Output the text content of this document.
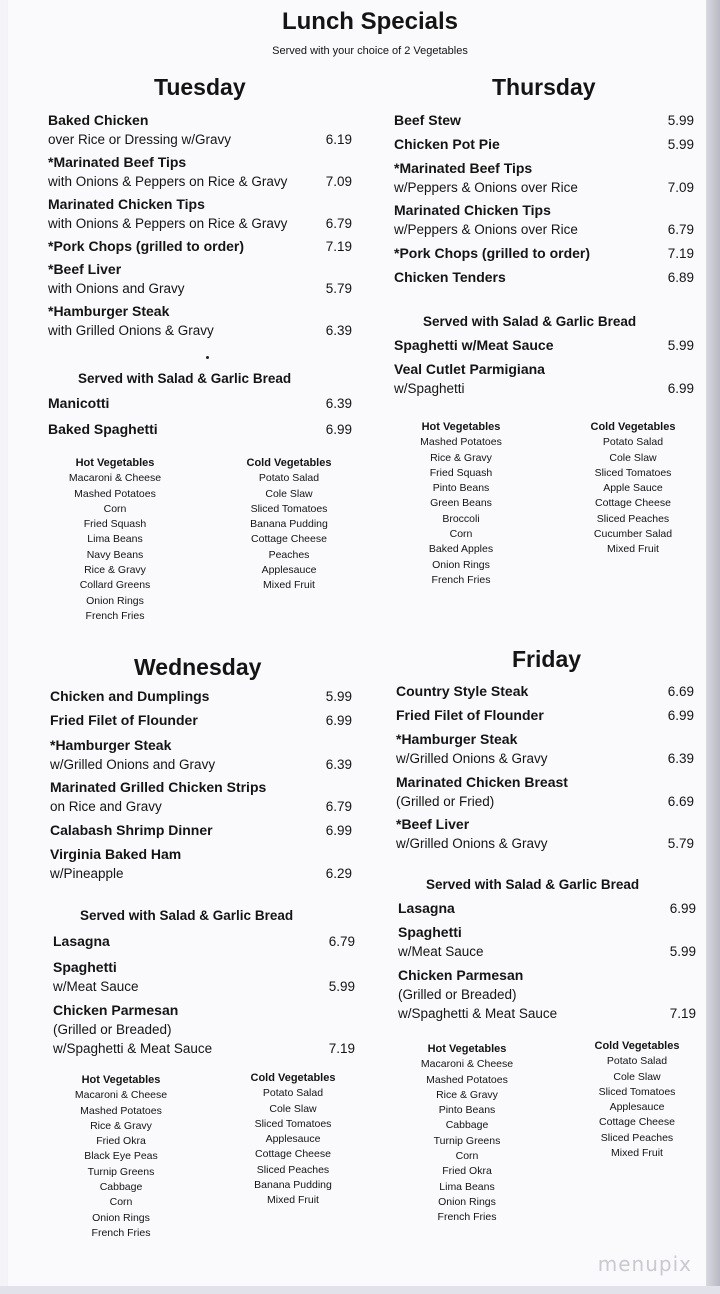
Lunch Specials
Served with your choice of 2 Vegetables
Tuesday
Baked Chicken
over Rice or Dressing w/Gravy	6.19
*Marinated Beef Tips
with Onions & Peppers on Rice & Gravy	7.09
Marinated Chicken Tips
with Onions & Peppers on Rice & Gravy	6.79
*Pork Chops (grilled to order)	7.19
*Beef Liver
with Onions and Gravy	5.79
*Hamburger Steak
with Grilled Onions & Gravy	6.39
Served with Salad & Garlic Bread
Manicotti	6.39
Baked Spaghetti	6.99
Hot Vegetables
Macaroni & Cheese
Mashed Potatoes
Corn
Fried Squash
Lima Beans
Navy Beans
Rice & Gravy
Collard Greens
Onion Rings
French Fries
Cold Vegetables
Potato Salad
Cole Slaw
Sliced Tomatoes
Banana Pudding
Cottage Cheese
Peaches
Applesauce
Mixed Fruit
Thursday
Beef Stew	5.99
Chicken Pot Pie	5.99
*Marinated Beef Tips
w/Peppers & Onions over Rice	7.09
Marinated Chicken Tips
w/Peppers & Onions over Rice	6.79
*Pork Chops (grilled to order)	7.19
Chicken Tenders	6.89
Served with Salad & Garlic Bread
Spaghetti w/Meat Sauce	5.99
Veal Cutlet Parmigiana
w/Spaghetti	6.99
Hot Vegetables
Mashed Potatoes
Rice & Gravy
Fried Squash
Pinto Beans
Green Beans
Broccoli
Corn
Baked Apples
Onion Rings
French Fries
Cold Vegetables
Potato Salad
Cole Slaw
Sliced Tomatoes
Apple Sauce
Cottage Cheese
Sliced Peaches
Cucumber Salad
Mixed Fruit
Wednesday
Chicken and Dumplings	5.99
Fried Filet of Flounder	6.99
*Hamburger Steak
w/Grilled Onions and Gravy	6.39
Marinated Grilled Chicken Strips
on Rice and Gravy	6.79
Calabash Shrimp Dinner	6.99
Virginia Baked Ham
w/Pineapple	6.29
Served with Salad & Garlic Bread
Lasagna	6.79
Spaghetti
w/Meat Sauce	5.99
Chicken Parmesan
(Grilled or Breaded)
w/Spaghetti & Meat Sauce	7.19
Hot Vegetables
Macaroni & Cheese
Mashed Potatoes
Rice & Gravy
Fried Okra
Black Eye Peas
Turnip Greens
Cabbage
Corn
Onion Rings
French Fries
Cold Vegetables
Potato Salad
Cole Slaw
Sliced Tomatoes
Applesauce
Cottage Cheese
Sliced Peaches
Banana Pudding
Mixed Fruit
Friday
Country Style Steak	6.69
Fried Filet of Flounder	6.99
*Hamburger Steak
w/Grilled Onions & Gravy	6.39
Marinated Chicken Breast
(Grilled or Fried)	6.69
*Beef Liver
w/Grilled Onions & Gravy	5.79
Served with Salad & Garlic Bread
Lasagna	6.99
Spaghetti
w/Meat Sauce	5.99
Chicken Parmesan
(Grilled or Breaded)
w/Spaghetti & Meat Sauce	7.19
Hot Vegetables
Macaroni & Cheese
Mashed Potatoes
Rice & Gravy
Pinto Beans
Cabbage
Turnip Greens
Corn
Fried Okra
Lima Beans
Onion Rings
French Fries
Cold Vegetables
Potato Salad
Cole Slaw
Sliced Tomatoes
Applesauce
Cottage Cheese
Sliced Peaches
Mixed Fruit
menupix
